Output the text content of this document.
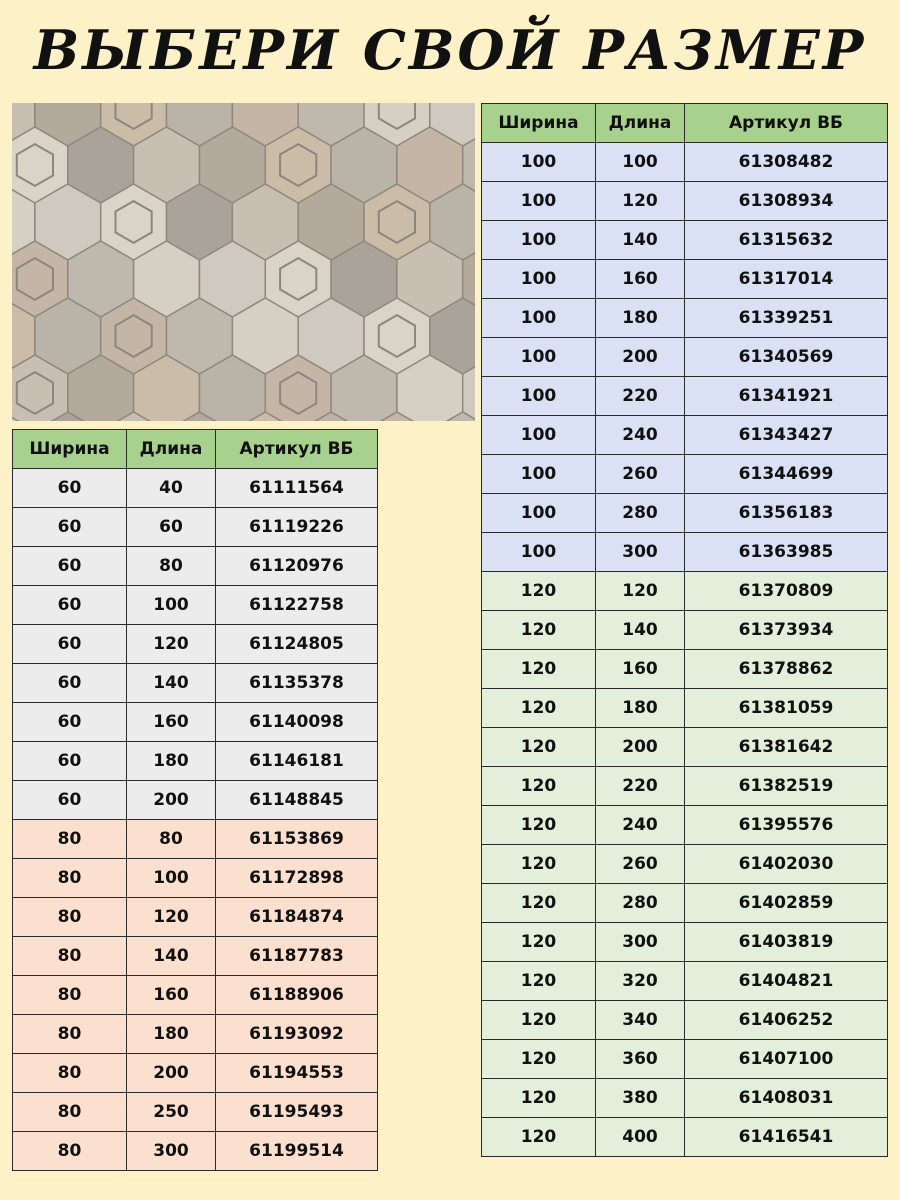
ВЫБЕРИ СВОЙ РАЗМЕР
Ширина	Длина	Артикул ВБ
60	40	61111564
60	60	61119226
60	80	61120976
60	100	61122758
60	120	61124805
60	140	61135378
60	160	61140098
60	180	61146181
60	200	61148845
80	80	61153869
80	100	61172898
80	120	61184874
80	140	61187783
80	160	61188906
80	180	61193092
80	200	61194553
80	250	61195493
80	300	61199514
Ширина	Длина	Артикул ВБ
100	100	61308482
100	120	61308934
100	140	61315632
100	160	61317014
100	180	61339251
100	200	61340569
100	220	61341921
100	240	61343427
100	260	61344699
100	280	61356183
100	300	61363985
120	120	61370809
120	140	61373934
120	160	61378862
120	180	61381059
120	200	61381642
120	220	61382519
120	240	61395576
120	260	61402030
120	280	61402859
120	300	61403819
120	320	61404821
120	340	61406252
120	360	61407100
120	380	61408031
120	400	61416541
